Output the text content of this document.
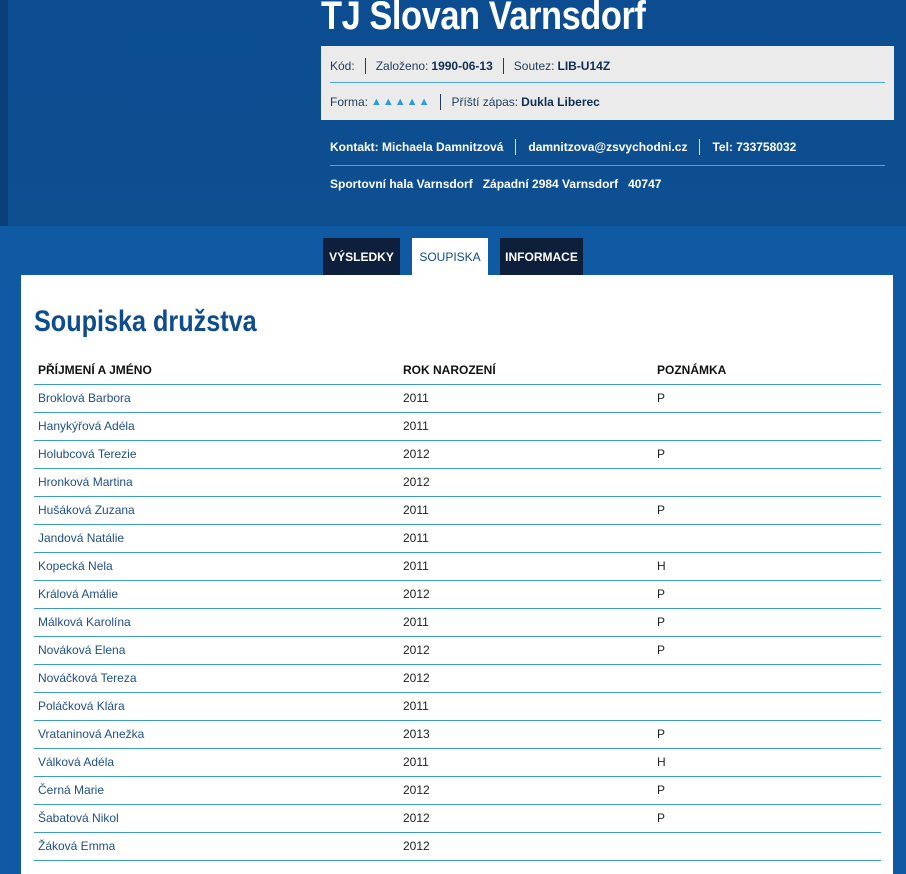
TJ Slovan Varnsdorf
Kód: Založeno: 1990-06-13 Soutez: LIB-U14Z
Forma: ▲▲▲▲▲ Příští zápas: Dukla Liberec
Kontakt: Michaela Damnitzová damnitzova@zsvychodni.cz Tel: 733758032
Sportovní hala Varnsdorf   Západní 2984 Varnsdorf   40747
VÝSLEDKY	SOUPISKA	INFORMACE
Soupiska družstva
PŘÍJMENÍ A JMÉNO	ROK NAROZENÍ	POZNÁMKA
Broklová Barbora	2011	P
Hanykýřová Adéla	2011	
Holubcová Terezie	2012	P
Hronková Martina	2012	
Hušáková Zuzana	2011	P
Jandová Natálie	2011	
Kopecká Nela	2011	H
Králová Amálie	2012	P
Málková Karolína	2011	P
Nováková Elena	2012	P
Nováčková Tereza	2012	
Poláčková Klára	2011	
Vrataninová Anežka	2013	P
Válková Adéla	2011	H
Černá Marie	2012	P
Šabatová Nikol	2012	P
Žáková Emma	2012	
